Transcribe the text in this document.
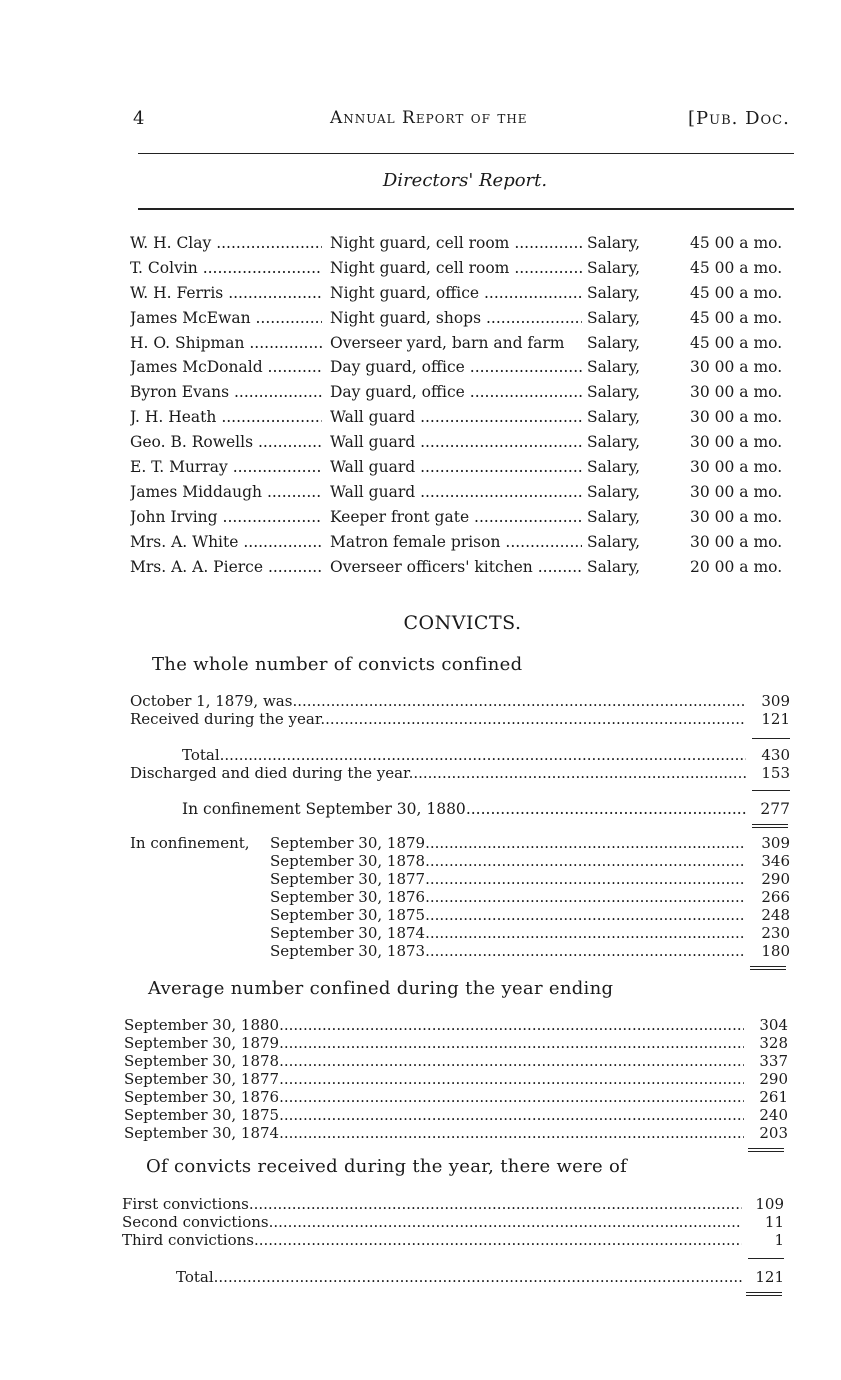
4	Annual Report of the	[Pub. Doc.
Directors' Report.
W. H. Clay .....	Night guard, cell room .....	Salary,	45 00 a mo.
T. Colvin .....	Night guard, cell room .....	Salary,	45 00 a mo.
W. H. Ferris .....	Night guard, office .....	Salary,	45 00 a mo.
James McEwan .....	Night guard, shops .....	Salary,	45 00 a mo.
H. O. Shipman .....	Overseer yard, barn and farm	Salary,	45 00 a mo.
James McDonald .....	Day guard, office .....	Salary,	30 00 a mo.
Byron Evans .....	Day guard, office .....	Salary,	30 00 a mo.
J. H. Heath .....	Wall guard .....	Salary,	30 00 a mo.
Geo. B. Rowells .....	Wall guard .....	Salary,	30 00 a mo.
E. T. Murray .....	Wall guard .....	Salary,	30 00 a mo.
James Middaugh .....	Wall guard .....	Salary,	30 00 a mo.
John Irving .....	Keeper front gate .....	Salary,	30 00 a mo.
Mrs. A. White .....	Matron female prison .....	Salary,	30 00 a mo.
Mrs. A. A. Pierce .....	Overseer officers' kitchen .....	Salary,	20 00 a mo.
CONVICTS.
The whole number of convicts confined
October 1, 1879, was .....	309
Received during the year .....	121
Total .....	430
Discharged and died during the year .....	153
In confinement September 30, 1880 .....	277
In confinement, September 30, 1879 .....	309
September 30, 1878 .....	346
September 30, 1877 .....	290
September 30, 1876 .....	266
September 30, 1875 .....	248
September 30, 1874 .....	230
September 30, 1873 .....	180
Average number confined during the year ending
September 30, 1880 .....	304
September 30, 1879 .....	328
September 30, 1878 .....	337
September 30, 1877 .....	290
September 30, 1876 .....	261
September 30, 1875 .....	240
September 30, 1874 .....	203
Of convicts received during the year, there were of
First convictions .....	109
Second convictions .....	11
Third convictions .....	1
Total .....	121
